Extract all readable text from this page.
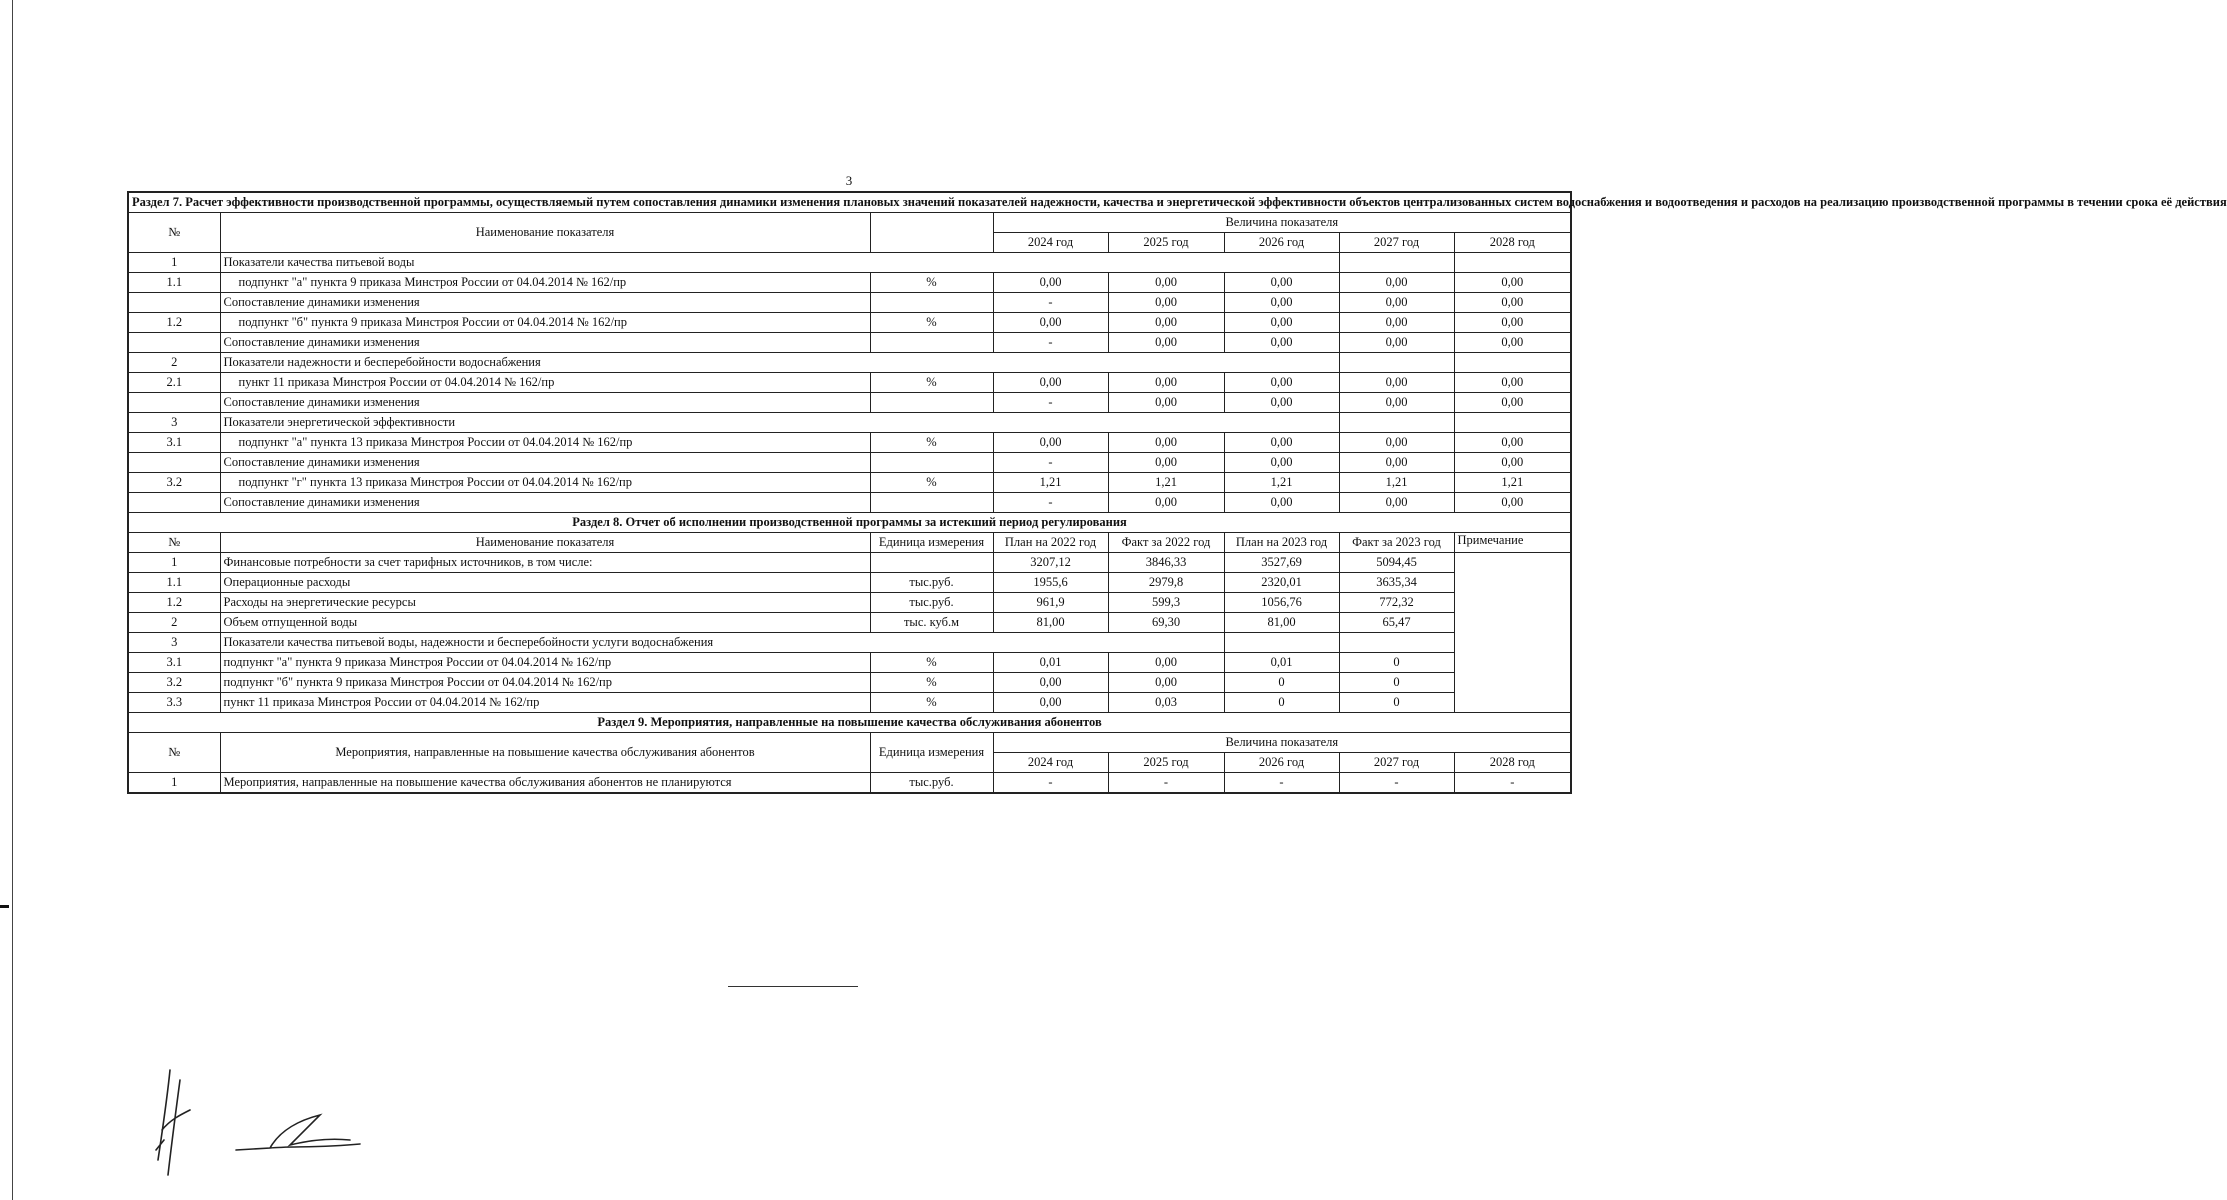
3
Раздел 7. Расчет эффективности производственной программы, осуществляемый путем сопоставления динамики изменения плановых значений показателей надежности, качества и энергетической эффективности объектов централизованных систем водоснабжения и водоотведения и расходов на реализацию производственной программы в течении срока её действия							
№	Наименование показателя		Величина показателя				
			2024 год	2025 год	2026 год	2027 год	2028 год
1	Показатели качества питьевой воды						
1.1	подпункт "а" пункта 9 приказа Минстроя России от 04.04.2014 № 162/пр	%	0,00	0,00	0,00	0,00	0,00
	Сопоставление динамики изменения		-	0,00	0,00	0,00	0,00
1.2	подпункт "б" пункта 9 приказа Минстроя России от 04.04.2014 № 162/пр	%	0,00	0,00	0,00	0,00	0,00
	Сопоставление динамики изменения		-	0,00	0,00	0,00	0,00
2	Показатели надежности и бесперебойности водоснабжения						
2.1	пункт 11 приказа Минстроя России от 04.04.2014 № 162/пр	%	0,00	0,00	0,00	0,00	0,00
	Сопоставление динамики изменения		-	0,00	0,00	0,00	0,00
3	Показатели энергетической эффективности						
3.1	подпункт "а" пункта 13 приказа Минстроя России от 04.04.2014 № 162/пр	%	0,00	0,00	0,00	0,00	0,00
	Сопоставление динамики изменения		-	0,00	0,00	0,00	0,00
3.2	подпункт "г" пункта 13 приказа Минстроя России от 04.04.2014 № 162/пр	%	1,21	1,21	1,21	1,21	1,21
	Сопоставление динамики изменения		-	0,00	0,00	0,00	0,00
Раздел 8. Отчет об исполнении производственной программы за истекший период регулирования							
№	Наименование показателя	Единица измерения	План на 2022 год	Факт за 2022 год	План на 2023 год	Факт за 2023 год	Примечание
1	Финансовые потребности за счет тарифных источников, в том числе:		3207,12	3846,33	3527,69	5094,45	
1.1	Операционные расходы	тыс.руб.	1955,6	2979,8	2320,01	3635,34	
1.2	Расходы на энергетические ресурсы	тыс.руб.	961,9	599,3	1056,76	772,32	
2	Объем отпущенной воды	тыс. куб.м	81,00	69,30	81,00	65,47	
3	Показатели качества питьевой воды, надежности и бесперебойности услуги водоснабжения						
3.1	подпункт "а" пункта 9 приказа Минстроя России от 04.04.2014 № 162/пр	%	0,01	0,00	0,01	0	
3.2	подпункт "б" пункта 9 приказа Минстроя России от 04.04.2014 № 162/пр	%	0,00	0,00	0	0	
3.3	пункт 11 приказа Минстроя России от 04.04.2014 № 162/пр	%	0,00	0,03	0	0	
Раздел 9. Мероприятия, направленные на повышение качества обслуживания абонентов							
№	Мероприятия, направленные на повышение качества обслуживания абонентов	Единица измерения	Величина показателя				
			2024 год	2025 год	2026 год	2027 год	2028 год
1	Мероприятия, направленные на повышение качества обслуживания абонентов не планируются	тыс.руб.	-	-	-	-	-
